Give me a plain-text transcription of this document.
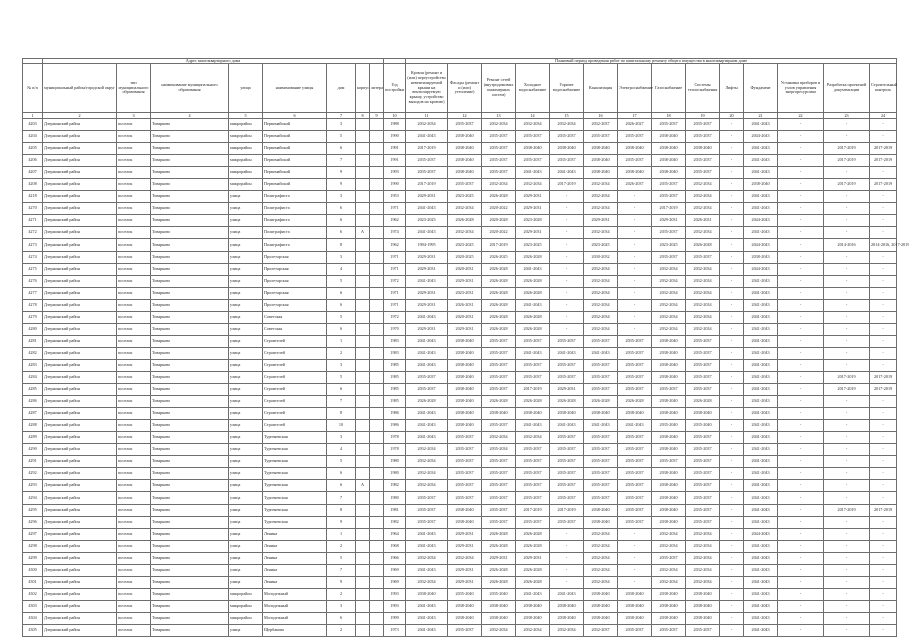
	Адрес многоквартирного дома									Плановый период проведения работ по капитальному ремонту общего имущества в многоквартирном доме													
№ п/п	муниципальный район/городской округ	тип муниципального образования	наименование муниципального образования	улица	наименование улицы	дом	корпус	литера	Год постройки	Кровля (ремонт и (или) переустройство невентилируемой крыши на вентилируемую крышу, устройство выходов на кровлю)	Фасады (ремонт и (или) утепление)	Ремонт сетей (внутридомовых инженерных систем)	Холодное водоснабжение	Горячее водоснабжение	Канализация	Электроснабжение	Газоснабжение	Системы теплоснабжения	Лифты	Фундамент	Установка приборов и узлов управления энергоресурсами	Разработка проектной документации	Строительный контроль
1	2	3	4	5	6	7	8	9	10	11	12	13	14	15	16	17	18	19	20	21	22	23	24
4203	Дзержинский район	поселок	Товарково	микрорайон	Первомайский	3			1988	2032-2034	2035-2037	2032-2034	2032-2034	2032-2034	2032-2037	2026-2027	2035-2037	2035-2037	-	2041-2043	-	-	-
4204	Дзержинский район	поселок	Товарково	микрорайон	Первомайский	5			1990	2041-2043	2038-2040	2035-2037	2035-2037	2035-2037	2035-2037	2035-2037	2038-2040	2035-2037	-	2044-2043	-	-	-
4205	Дзержинский район	поселок	Товарково	микрорайон	Первомайский	6			1991	2017-2019	2038-2040	2035-2037	2038-2040	2038-2040	2038-2040	2038-2040	2038-2040	2038-2040	-	2041-2043	-	2017-2019	2017-2019
4206	Дзержинский район	поселок	Товарково	микрорайон	Первомайский	7			1991	2035-2037	2038-2040	2035-2037	2035-2037	2035-2037	2038-2040	2035-2037	2038-2040	2035-2037	-	2041-2043	-	2017-2019	2017-2019
4207	Дзержинский район	поселок	Товарково	микрорайон	Первомайский	9			1993	2035-2037	2038-2040	2035-2037	2041-2043	2041-2043	2038-2040	2038-2040	2038-2040	2035-2037	-	2041-2043	-	-	-
4208	Дзержинский район	поселок	Товарково	микрорайон	Первомайский	9			1990	2017-2019	2035-2037	2032-2034	2032-2034	2017-2019	2032-2034	2026-2037	2035-2037	2032-2034	-	2038-2040	-	2017-2019	2017-2019
4218	Дзержинский район	поселок	Товарково	улица	Полиграфиста	3			1953	2029-2031	2023-2025	2026-2028	2029-2031	-	2032-2034	-	2035-2037	2032-2034	-	2041-2043	-	-	-
4270	Дзержинский район	поселок	Товарково	улица	Полиграфиста	6			1971	2041-2043	2032-2034	2020-2022	2029-2031	-	2032-2034	-	2017-2019	2032-2034	-	2041-2043	-	-	-
4271	Дзержинский район	поселок	Товарково	улица	Полиграфиста	6			1962	2023-2025	2026-2028	2020-2028	2023-2028	-	2029-2031	-	2029-2031	2026-2031	-	2044-2043	-	-	-
4272	Дзержинский район	поселок	Товарково	улица	Полиграфиста	6	А		1974	2041-2043	2032-2034	2020-2022	2029-2031	-	2032-2034	-	2035-2037	2032-2034	-	2041-2043	-	-	-
4273	Дзержинский район	поселок	Товарково	улица	Полиграфиста	8			1962	1994-1995	2023-2025	2017-2019	2023-2025	-	2023-2025	-	2023-2025	2026-2028	-	2044-2043	-	2014-2016	2014-2016, 2017-2019
4274	Дзержинский район	поселок	Товарково	улица	Пролетарская	3			1971	2029-2031	2020-2025	2026-2025	2026-2028	-	2030-2032	-	2035-2037	2035-2037	-	2038-2043	-	-	-
4275	Дзержинский район	поселок	Товарково	улица	Пролетарская	4			1971	2029-2031	2020-2031	2026-2028	2041-2043	-	2032-2034	-	2032-2034	2032-2034	-	2044-2043	-	-	-
4276	Дзержинский район	поселок	Товарково	улица	Пролетарская	5			1972	2041-2043	2029-2031	2026-2028	2026-2028	-	2032-2034	-	2032-2034	2032-2034	-	2041-2043	-	-	-
4277	Дзержинский район	поселок	Товарково	улица	Пролетарская	6			1971	2029-2031	2023-2031	2026-2028	2026-2028	-	2032-2034	-	2032-2034	2032-2034	-	2041-2043	-	-	-
4278	Дзержинский район	поселок	Товарково	улица	Пролетарская	6			1971	2029-2031	2026-2031	2026-2028	2041-2043	-	2032-2034	-	2032-2034	2032-2034	-	2041-2043	-	-	-
4279	Дзержинский район	поселок	Товарково	улица	Советская	5			1972	2041-2043	2020-2031	2026-2028	2026-2028	-	2032-2034	-	2032-2034	2032-2034	-	2041-2043	-	-	-
4280	Дзержинский район	поселок	Товарково	улица	Советская	6			1970	2029-2031	2029-2031	2026-2028	2026-2028	-	2032-2034	-	2032-2034	2032-2034	-	2041-2043	-	-	-
4281	Дзержинский район	поселок	Товарково	улица	Строителей	1			1983	2041-2043	2038-2040	2035-2037	2035-2037	2035-2037	2035-2037	2035-2037	2038-2040	2035-2037	-	2041-2043	-	-	-
4282	Дзержинский район	поселок	Товарково	улица	Строителей	2			1983	2041-2043	2038-2040	2035-2037	2041-2043	2041-2043	2041-2043	2035-2037	2038-2040	2035-2037	-	2041-2043	-	-	-
4283	Дзержинский район	поселок	Товарково	улица	Строителей	3			1985	2041-2043	2038-2040	2035-2037	2035-2037	2035-2037	2035-2037	2035-2037	2038-2040	2035-2037	-	2041-2043	-	-	-
4284	Дзержинский район	поселок	Товарково	улица	Строителей	5			1985	2035-2037	2038-2040	2035-2037	2035-2037	2035-2037	2035-2037	2035-2037	2038-2040	2035-2037	-	2041-2043	-	2017-2019	2017-2019
4285	Дзержинский район	поселок	Товарково	улица	Строителей	6			1985	2035-2037	2038-2040	2035-2037	2017-2019	2029-2031	2035-2037	2035-2037	2035-2037	2035-2037	-	2041-2043	-	2017-2019	2017-2019
4286	Дзержинский район	поселок	Товарково	улица	Строителей	7			1985	2026-2028	2038-2040	2026-2028	2026-2028	2026-2028	2026-2028	2026-2028	2038-2040	2026-2028	-	2041-2043	-	-	-
4287	Дзержинский район	поселок	Товарково	улица	Строителей	8			1986	2041-2043	2038-2040	2038-2040	2038-2040	2038-2040	2038-2040	2038-2040	2038-2040	2038-2040	-	2041-2043	-	-	-
4288	Дзержинский район	поселок	Товарково	улица	Строителей	10			1986	2041-2043	2038-2040	2035-2037	2041-2043	2041-2043	2041-2043	2041-2043	2035-2040	2035-2040	-	2041-2043	-	-	-
4289	Дзержинский район	поселок	Товарково	улица	Тургеневская	3			1978	2041-2043	2035-2037	2032-2034	2032-2034	2035-2037	2035-2037	2035-2037	2038-2040	2035-2037	-	2041-2043	-	-	-
4290	Дзержинский район	поселок	Товарково	улица	Тургеневская	4			1978	2032-2034	2035-2037	2035-2034	2035-2037	2035-2037	2035-2037	2035-2037	2038-2040	2035-2037	-	2041-2043	-	-	-
4291	Дзержинский район	поселок	Товарково	улица	Тургеневская	5			1980	2032-2034	2035-2037	2035-2037	2035-2037	2035-2037	2035-2037	2035-2037	2035-2037	2035-2037	-	2041-2043	-	-	-
4292	Дзержинский район	поселок	Товарково	улица	Тургеневская	6			1980	2032-2034	2035-2037	2035-2037	2035-2037	2035-2037	2035-2037	2035-2037	2038-2040	2035-2037	-	2041-2043	-	-	-
4293	Дзержинский район	поселок	Товарково	улица	Тургеневская	6	А		1982	2032-2034	2035-2037	2035-2037	2035-2037	2035-2037	2035-2037	2035-2037	2038-2040	2035-2037	-	2041-2043	-	-	-
4294	Дзержинский район	поселок	Товарково	улица	Тургеневская	7			1980	2035-2037	2035-2037	2035-2037	2035-2037	2035-2037	2035-2037	2035-2037	2038-2040	2035-2037	-	2041-2043	-	-	-
4295	Дзержинский район	поселок	Товарково	улица	Тургеневская	8			1981	2035-2037	2038-2040	2035-2037	2017-2019	2017-2019	2038-2040	2035-2037	2038-2040	2035-2037	-	2041-2043	-	2017-2019	2017-2019
4296	Дзержинский район	поселок	Товарково	улица	Тургеневская	9			1982	2035-2037	2038-2040	2035-2037	2035-2037	2035-2037	2038-2040	2035-2037	2038-2040	2035-2037	-	2041-2043	-	-	-
4297	Дзержинский район	поселок	Товарково	улица	Ленина	1			1964	2041-2043	2029-2031	2026-2028	2026-2028	-	2032-2034	-	2032-2034	2032-2034	-	2044-2043	-	-	-
4298	Дзержинский район	поселок	Товарково	улица	Ленина	2			1968	2041-2043	2029-2031	2026-2028	2026-2028	-	2032-2034	-	2032-2034	2032-2034	-	2041-2043	-	-	-
4299	Дзержинский район	поселок	Товарково	улица	Ленина	5			1966	2032-2034	2032-2034	2029-2031	2029-2031	-	2032-2034	-	2035-2037	2032-2034	-	2041-2043	-	-	-
4300	Дзержинский район	поселок	Товарково	улица	Ленина	7			1969	2041-2043	2029-2031	2026-2028	2026-2028	-	2032-2034	-	2032-2034	2032-2034	-	2041-2043	-	-	-
4301	Дзержинский район	поселок	Товарково	улица	Ленина	9			1969	2032-2034	2029-2031	2026-2028	2026-2028	-	2032-2034	-	2032-2034	2032-2034	-	2041-2043	-	-	-
4302	Дзержинский район	поселок	Товарково	микрорайон	Молодежный	2			1993	2038-2040	2035-2040	2035-2040	2041-2043	2041-2043	2038-2040	2038-2040	2038-2040	2038-2040	-	2041-2043	-	-	-
4303	Дзержинский район	поселок	Товарково	микрорайон	Молодежный	3			1993	2041-2043	2038-2040	2038-2040	2038-2040	2038-2040	2038-2040	2038-2040	2038-2040	2038-2040	-	2041-2043	-	-	-
4304	Дзержинский район	поселок	Товарково	микрорайон	Молодежный	6			1999	2041-2043	2038-2040	2038-2040	2038-2040	2038-2040	2038-2040	2038-2040	2038-2040	2038-2040	-	2041-2043	-	-	-
4305	Дзержинский район	поселок	Товарково	улица	Щербакова	2			1973	2041-2043	2035-2037	2032-2034	2032-2034	2032-2034	2032-2037	2035-2037	2035-2037	2035-2037	-	2041-2043	-	-	-
